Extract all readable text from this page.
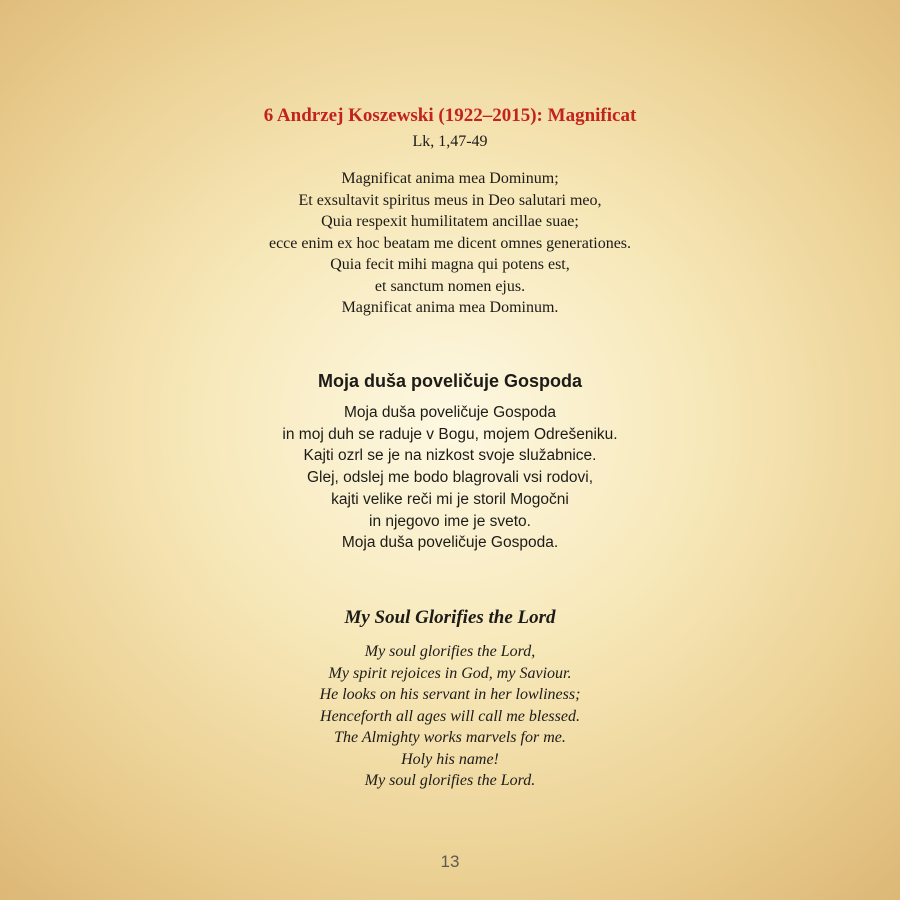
6 Andrzej Koszewski (1922–2015): Magnificat
Lk, 1,47-49
Magnificat anima mea Dominum;
Et exsultavit spiritus meus in Deo salutari meo,
Quia respexit humilitatem ancillae suae;
ecce enim ex hoc beatam me dicent omnes generationes.
Quia fecit mihi magna qui potens est,
et sanctum nomen ejus.
Magnificat anima mea Dominum.
Moja duša poveličuje Gospoda
Moja duša poveličuje Gospoda
in moj duh se raduje v Bogu, mojem Odrešeniku.
Kajti ozrl se je na nizkost svoje služabnice.
Glej, odslej me bodo blagrovali vsi rodovi,
kajti velike reči mi je storil Mogočni
in njegovo ime je sveto.
Moja duša poveličuje Gospoda.
My Soul Glorifies the Lord
My soul glorifies the Lord,
My spirit rejoices in God, my Saviour.
He looks on his servant in her lowliness;
Henceforth all ages will call me blessed.
The Almighty works marvels for me.
Holy his name!
My soul glorifies the Lord.
13
